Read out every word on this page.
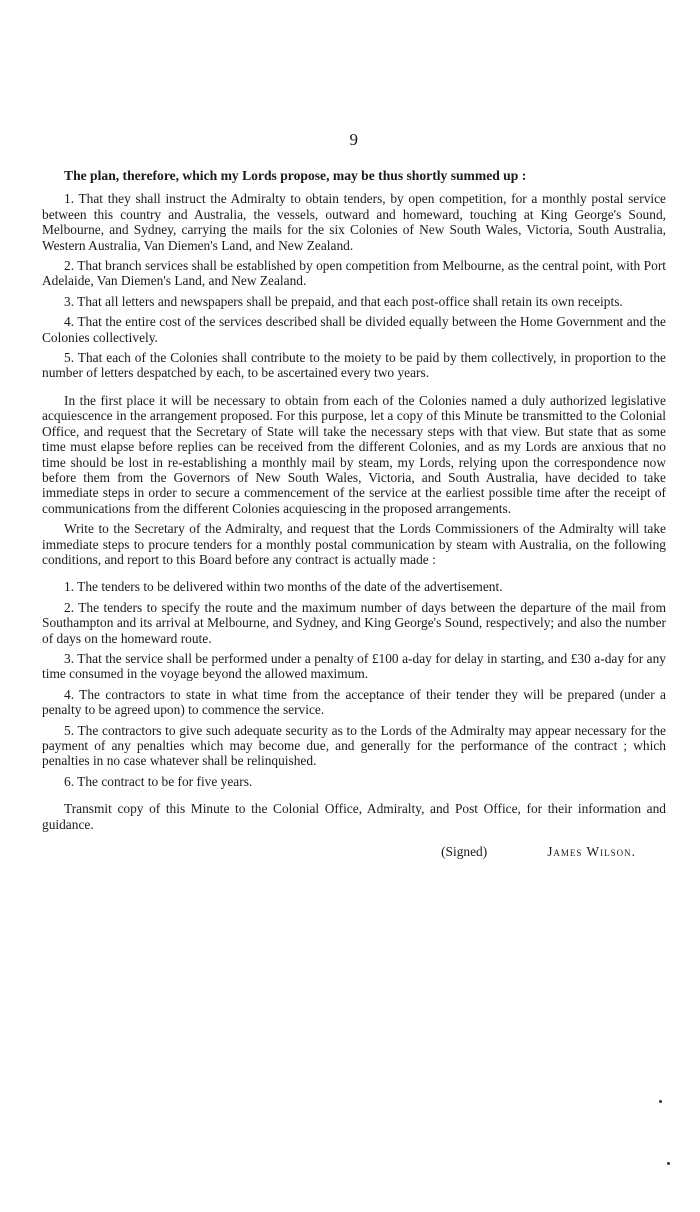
9

The plan, therefore, which my Lords propose, may be thus shortly summed up :

1. That they shall instruct the Admiralty to obtain tenders, by open competition, for a monthly postal service between this country and Australia, the vessels, outward and homeward, touching at King George's Sound, Melbourne, and Sydney, carrying the mails for the six Colonies of New South Wales, Victoria, South Australia, Western Australia, Van Diemen's Land, and New Zealand.

2. That branch services shall be established by open competition from Melbourne, as the central point, with Port Adelaide, Van Diemen's Land, and New Zealand.

3. That all letters and newspapers shall be prepaid, and that each post-office shall retain its own receipts.

4. That the entire cost of the services described shall be divided equally between the Home Government and the Colonies collectively.

5. That each of the Colonies shall contribute to the moiety to be paid by them collectively, in proportion to the number of letters despatched by each, to be ascertained every two years.

In the first place it will be necessary to obtain from each of the Colonies named a duly authorized legislative acquiescence in the arrangement proposed. For this purpose, let a copy of this Minute be transmitted to the Colonial Office, and request that the Secretary of State will take the necessary steps with that view. But state that as some time must elapse before replies can be received from the different Colonies, and as my Lords are anxious that no time should be lost in re-establishing a monthly mail by steam, my Lords, relying upon the correspondence now before them from the Governors of New South Wales, Victoria, and South Australia, have decided to take immediate steps in order to secure a commencement of the service at the earliest possible time after the receipt of communications from the different Colonies acquiescing in the proposed arrangements.

Write to the Secretary of the Admiralty, and request that the Lords Commissioners of the Admiralty will take immediate steps to procure tenders for a monthly postal communication by steam with Australia, on the following conditions, and report to this Board before any contract is actually made :

1. The tenders to be delivered within two months of the date of the advertisement.

2. The tenders to specify the route and the maximum number of days between the departure of the mail from Southampton and its arrival at Melbourne, and Sydney, and King George's Sound, respectively; and also the number of days on the homeward route.

3. That the service shall be performed under a penalty of £100 a-day for delay in starting, and £30 a-day for any time consumed in the voyage beyond the allowed maximum.

4. The contractors to state in what time from the acceptance of their tender they will be prepared (under a penalty to be agreed upon) to commence the service.

5. The contractors to give such adequate security as to the Lords of the Admiralty may appear necessary for the payment of any penalties which may become due, and generally for the performance of the contract ; which penalties in no case whatever shall be relinquished.

6. The contract to be for five years.

Transmit copy of this Minute to the Colonial Office, Admiralty, and Post Office, for their information and guidance.

(Signed)	James Wilson.
